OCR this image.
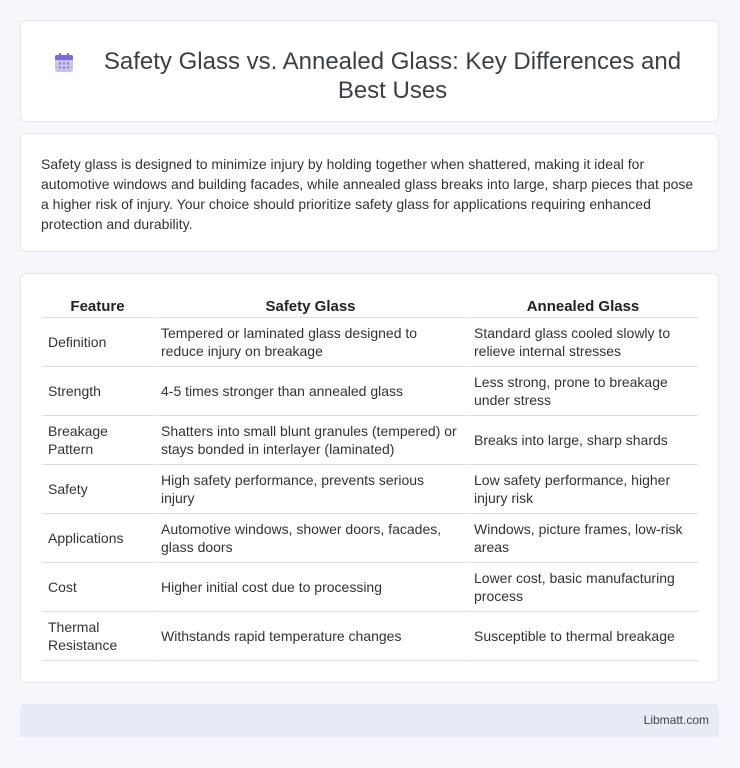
Safety Glass vs. Annealed Glass: Key Differences and Best Uses

Safety glass is designed to minimize injury by holding together when shattered, making it ideal for automotive windows and building facades, while annealed glass breaks into large, sharp pieces that pose a higher risk of injury. Your choice should prioritize safety glass for applications requiring enhanced protection and durability.

Feature	Safety Glass	Annealed Glass
Definition	Tempered or laminated glass designed to reduce injury on breakage	Standard glass cooled slowly to relieve internal stresses
Strength	4-5 times stronger than annealed glass	Less strong, prone to breakage under stress
Breakage Pattern	Shatters into small blunt granules (tempered) or stays bonded in interlayer (laminated)	Breaks into large, sharp shards
Safety	High safety performance, prevents serious injury	Low safety performance, higher injury risk
Applications	Automotive windows, shower doors, facades, glass doors	Windows, picture frames, low-risk areas
Cost	Higher initial cost due to processing	Lower cost, basic manufacturing process
Thermal Resistance	Withstands rapid temperature changes	Susceptible to thermal breakage
Libmatt.com
